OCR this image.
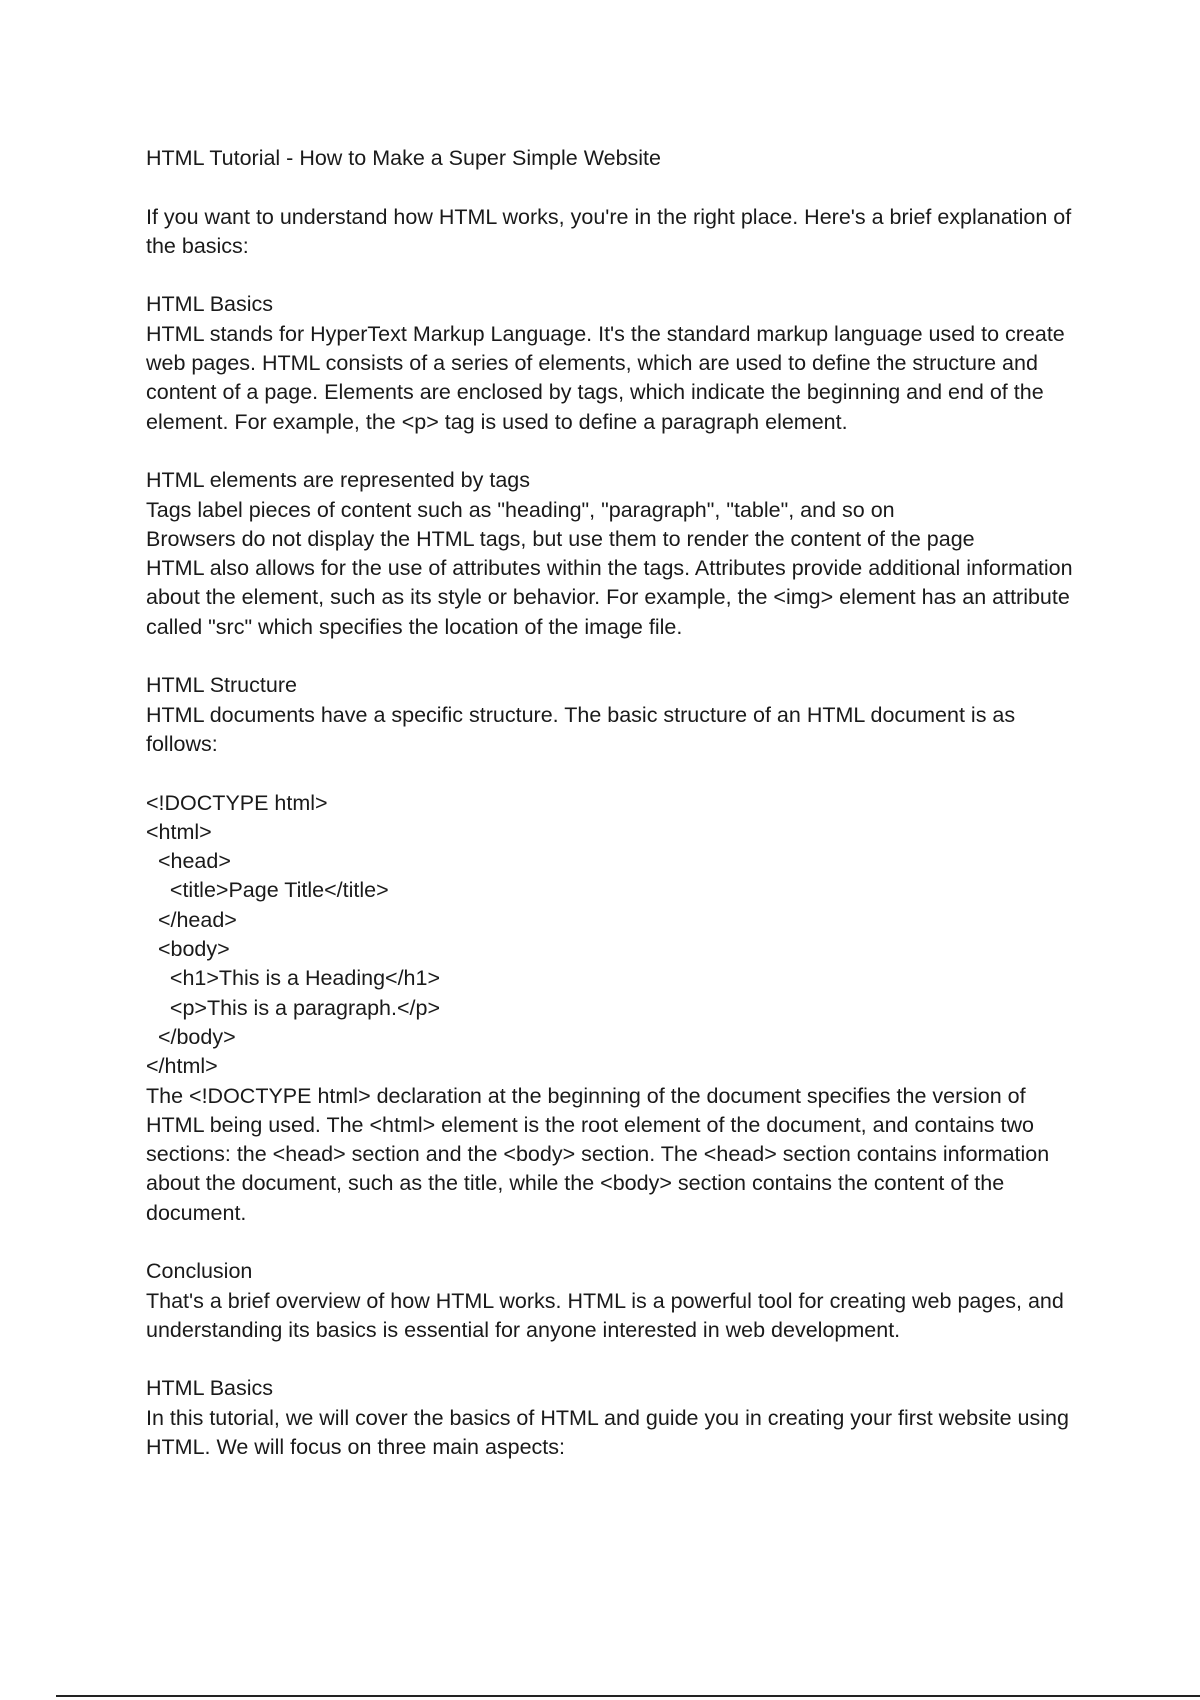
HTML Tutorial - How to Make a Super Simple Website

If you want to understand how HTML works, you're in the right place. Here's a brief explanation of the basics:

HTML Basics

HTML stands for HyperText Markup Language. It's the standard markup language used to create web pages. HTML consists of a series of elements, which are used to define the structure and content of a page. Elements are enclosed by tags, which indicate the beginning and end of the element. For example, the <p> tag is used to define a paragraph element.

HTML elements are represented by tags

Tags label pieces of content such as "heading", "paragraph", "table", and so on

Browsers do not display the HTML tags, but use them to render the content of the page

HTML also allows for the use of attributes within the tags. Attributes provide additional information about the element, such as its style or behavior. For example, the <img> element has an attribute called "src" which specifies the location of the image file.

HTML Structure

HTML documents have a specific structure. The basic structure of an HTML document is as follows:

<!DOCTYPE html>
<html>
<head>
<title>Page Title</title>
</head>
<body>
<h1>This is a Heading</h1>
<p>This is a paragraph.</p>
</body>
</html>

The <!DOCTYPE html> declaration at the beginning of the document specifies the version of HTML being used. The <html> element is the root element of the document, and contains two sections: the <head> section and the <body> section. The <head> section contains information about the document, such as the title, while the <body> section contains the content of the document.

Conclusion

That's a brief overview of how HTML works. HTML is a powerful tool for creating web pages, and understanding its basics is essential for anyone interested in web development.

HTML Basics

In this tutorial, we will cover the basics of HTML and guide you in creating your first website using HTML. We will focus on three main aspects:
